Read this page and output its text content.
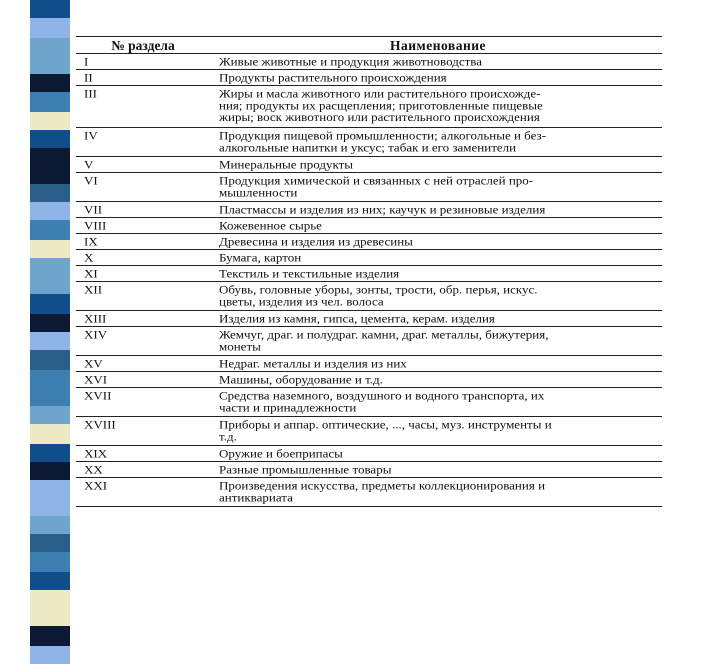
№ раздела		Наименование
I		Живые животные и продукция животноводства

II		Продукты растительного происхождения

III		Жиры и масла животного или растительного происхожде-
ния; продукты их расщепления; приготовленные пищевые
жиры; воск животного или растительного происхождения

IV		Продукция пищевой промышленности; алкогольные и без-
алкогольные напитки и уксус; табак и его заменители

V		Минеральные продукты

VI		Продукция химической и связанных с ней отраслей про-
мышленности

VII		Пластмассы и изделия из них; каучук и резиновые изделия

VIII		Кожевенное сырье

IX		Древесина и изделия из древесины

X		Бумага, картон

XI		Текстиль и текстильные изделия

XII		Обувь, головные уборы, зонты, трости, обр. перья, искус.
цветы, изделия из чел. волоса

XIII		Изделия из камня, гипса, цемента, керам. изделия

XIV		Жемчуг, драг. и полудраг. камни, драг. металлы, бижутерия,
монеты

XV		Недраг. металлы и изделия из них

XVI		Машины, оборудование и т.д.

XVII		Средства наземного, воздушного и водного транспорта, их
части и принадлежности

XVIII		Приборы и аппар. оптические, ..., часы, муз. инструменты и
т.д.

XIX		Оружие и боеприпасы

XX		Разные промышленные товары

XXI		Произведения искусства, предметы коллекционирования и
антиквариата
